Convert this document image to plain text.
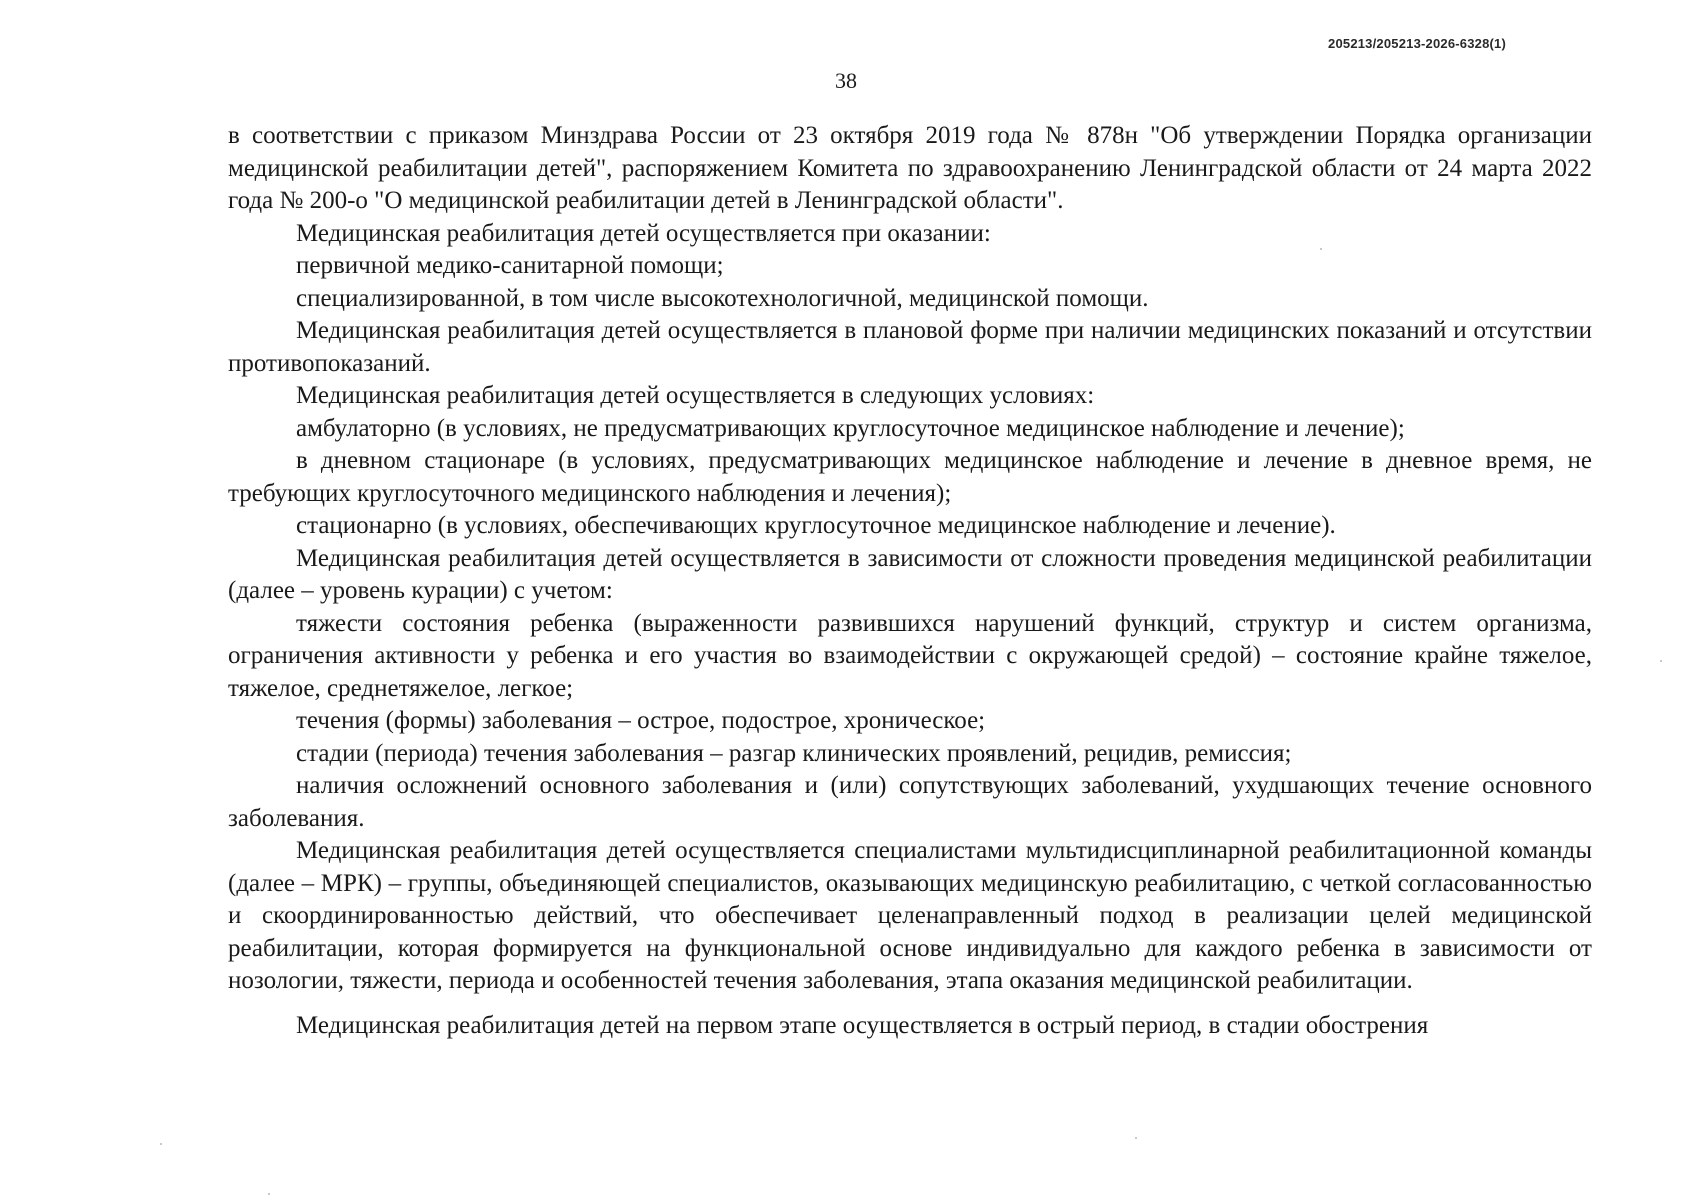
205213/205213-2026-6328(1)
38

в соответствии с приказом Минздрава России от 23 октября 2019 года № 878н "Об утверждении Порядка организации медицинской реабилитации детей", распоряжением Комитета по здравоохранению Ленинградской области от 24 марта 2022 года № 200-о "О медицинской реабилитации детей в Ленинградской области".

Медицинская реабилитация детей осуществляется при оказании:

первичной медико-санитарной помощи;

специализированной, в том числе высокотехнологичной, медицинской помощи.

Медицинская реабилитация детей осуществляется в плановой форме при наличии медицинских показаний и отсутствии противопоказаний.

Медицинская реабилитация детей осуществляется в следующих условиях:

амбулаторно (в условиях, не предусматривающих круглосуточное медицинское наблюдение и лечение);

в дневном стационаре (в условиях, предусматривающих медицинское наблюдение и лечение в дневное время, не требующих круглосуточного медицинского наблюдения и лечения);

стационарно (в условиях, обеспечивающих круглосуточное медицинское наблюдение и лечение).

Медицинская реабилитация детей осуществляется в зависимости от сложности проведения медицинской реабилитации (далее – уровень курации) с учетом:

тяжести состояния ребенка (выраженности развившихся нарушений функций, структур и систем организма, ограничения активности у ребенка и его участия во взаимодействии с окружающей средой) – состояние крайне тяжелое, тяжелое, среднетяжелое, легкое;

течения (формы) заболевания – острое, подострое, хроническое;

стадии (периода) течения заболевания – разгар клинических проявлений, рецидив, ремиссия;

наличия осложнений основного заболевания и (или) сопутствующих заболеваний, ухудшающих течение основного заболевания.

Медицинская реабилитация детей осуществляется специалистами мультидисциплинарной реабилитационной команды (далее – МРК) – группы, объединяющей специалистов, оказывающих медицинскую реабилитацию, с четкой согласованностью и скоординированностью действий, что обеспечивает целенаправленный подход в реализации целей медицинской реабилитации, которая формируется на функциональной основе индивидуально для каждого ребенка в зависимости от нозологии, тяжести, периода и особенностей течения заболевания, этапа оказания медицинской реабилитации.

Медицинская реабилитация детей на первом этапе осуществляется в острый период, в стадии обострения
